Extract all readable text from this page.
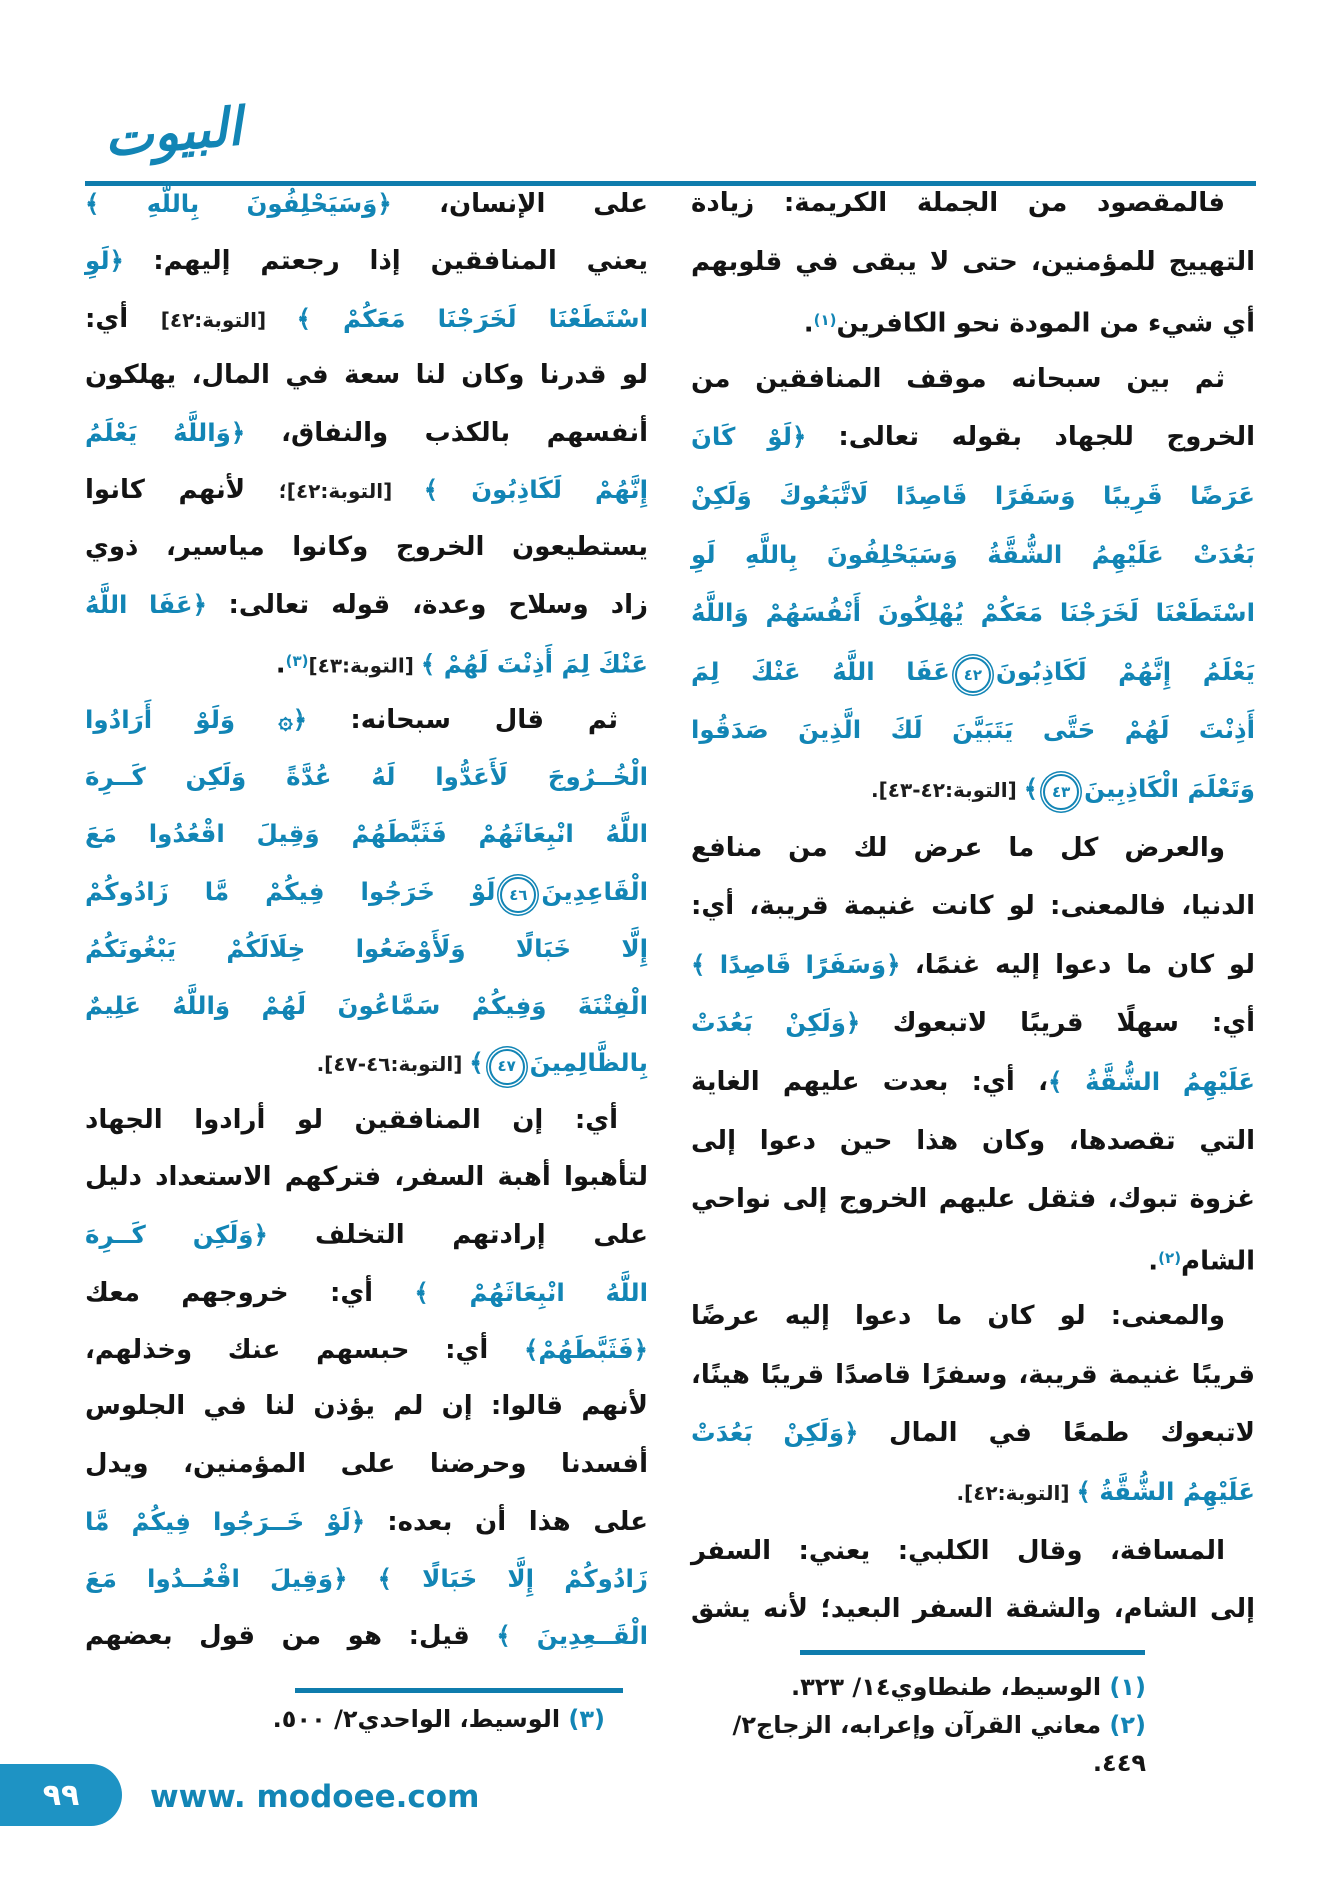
البيوت
فالمقصود من الجملة الكريمة: زيادة
التهييج للمؤمنين، حتى لا يبقى في قلوبهم
أي شيء من المودة نحو الكافرين(١).
ثم بين سبحانه موقف المنافقين من
الخروج للجهاد بقوله تعالى: ﴿لَوْ كَانَ
عَرَضًا قَرِيبًا وَسَفَرًا قَاصِدًا لَاتَّبَعُوكَ وَلَكِنْ
بَعُدَتْ عَلَيْهِمُ الشُّقَّةُ وَسَيَحْلِفُونَ بِاللَّهِ لَوِ
اسْتَطَعْنَا لَخَرَجْنَا مَعَكُمْ يُهْلِكُونَ أَنْفُسَهُمْ وَاللَّهُ
يَعْلَمُ إِنَّهُمْ لَكَاذِبُونَ
٤٢
عَفَا اللَّهُ عَنْكَ لِمَ
أَذِنْتَ لَهُمْ حَتَّى يَتَبَيَّنَ لَكَ الَّذِينَ صَدَقُوا
وَتَعْلَمَ الْكَاذِبِينَ
٤٣
﴾ [التوبة:٤٢-٤٣].
والعرض كل ما عرض لك من منافع
الدنيا، فالمعنى: لو كانت غنيمة قريبة، أي:
لو كان ما دعوا إليه غنمًا، ﴿وَسَفَرًا قَاصِدًا ﴾
أي: سهلًا قريبًا لاتبعوك ﴿وَلَكِنْ بَعُدَتْ
عَلَيْهِمُ الشُّقَّةُ ﴾، أي: بعدت عليهم الغاية
التي تقصدها، وكان هذا حين دعوا إلى
غزوة تبوك، فثقل عليهم الخروج إلى نواحي
الشام(٢).
والمعنى: لو كان ما دعوا إليه عرضًا
قريبًا غنيمة قريبة، وسفرًا قاصدًا قريبًا هينًا،
لاتبعوك طمعًا في المال ﴿وَلَكِنْ بَعُدَتْ
عَلَيْهِمُ الشُّقَّةُ ﴾ [التوبة:٤٢].
المسافة، وقال الكلبي: يعني: السفر
إلى الشام، والشقة السفر البعيد؛ لأنه يشق
على الإنسان، ﴿وَسَيَحْلِفُونَ بِاللَّهِ ﴾
يعني المنافقين إذا رجعتم إليهم: ﴿لَوِ
اسْتَطَعْنَا لَخَرَجْنَا مَعَكُمْ ﴾ [التوبة:٤٢] أي:
لو قدرنا وكان لنا سعة في المال، يهلكون
أنفسهم بالكذب والنفاق، ﴿وَاللَّهُ يَعْلَمُ
إِنَّهُمْ لَكَاذِبُونَ ﴾ [التوبة:٤٢]؛ لأنهم كانوا
يستطيعون الخروج وكانوا مياسير، ذوي
زاد وسلاح وعدة، قوله تعالى: ﴿عَفَا اللَّهُ
عَنْكَ لِمَ أَذِنْتَ لَهُمْ ﴾ [التوبة:٤٣](٣).
ثم قال سبحانه: ﴿۞ وَلَوْ أَرَادُوا
الْخُــرُوجَ لَأَعَدُّوا لَهُ عُدَّةً وَلَكِن كَــرِهَ
اللَّهُ انْبِعَاثَهُمْ فَثَبَّطَهُمْ وَقِيلَ اقْعُدُوا مَعَ
الْقَاعِدِينَ
٤٦
لَوْ خَرَجُوا فِيكُمْ مَّا زَادُوكُمْ
إِلَّا خَبَالًا وَلَأَوْضَعُوا خِلَالَكُمْ يَبْغُونَكُمُ
الْفِتْنَةَ وَفِيكُمْ سَمَّاعُونَ لَهُمْ وَاللَّهُ عَلِيمٌ
بِالظَّالِمِينَ
٤٧
﴾ [التوبة:٤٦-٤٧].
أي: إن المنافقين لو أرادوا الجهاد
لتأهبوا أهبة السفر، فتركهم الاستعداد دليل
على إرادتهم التخلف ﴿وَلَكِن كَــرِهَ
اللَّهُ انْبِعَاثَهُمْ ﴾ أي: خروجهم معك
﴿فَثَبَّطَهُمْ﴾ أي: حبسهم عنك وخذلهم،
لأنهم قالوا: إن لم يؤذن لنا في الجلوس
أفسدنا وحرضنا على المؤمنين، ويدل
على هذا أن بعده: ﴿لَوْ خَــرَجُوا فِيكُمْ مَّا
زَادُوكُمْ إِلَّا خَبَالًا ﴾ ﴿وَقِيلَ اقْعُــدُوا مَعَ
الْقَــعِدِينَ ﴾ قيل: هو من قول بعضهم
(١) الوسيط، طنطاوي١٤/ ٣٢٣.
(٢) معاني القرآن وإعرابه، الزجاج٢/ ٤٤٩.
(٣) الوسيط، الواحدي٢/ ٥٠٠.
٩٩ www. modoee.com
